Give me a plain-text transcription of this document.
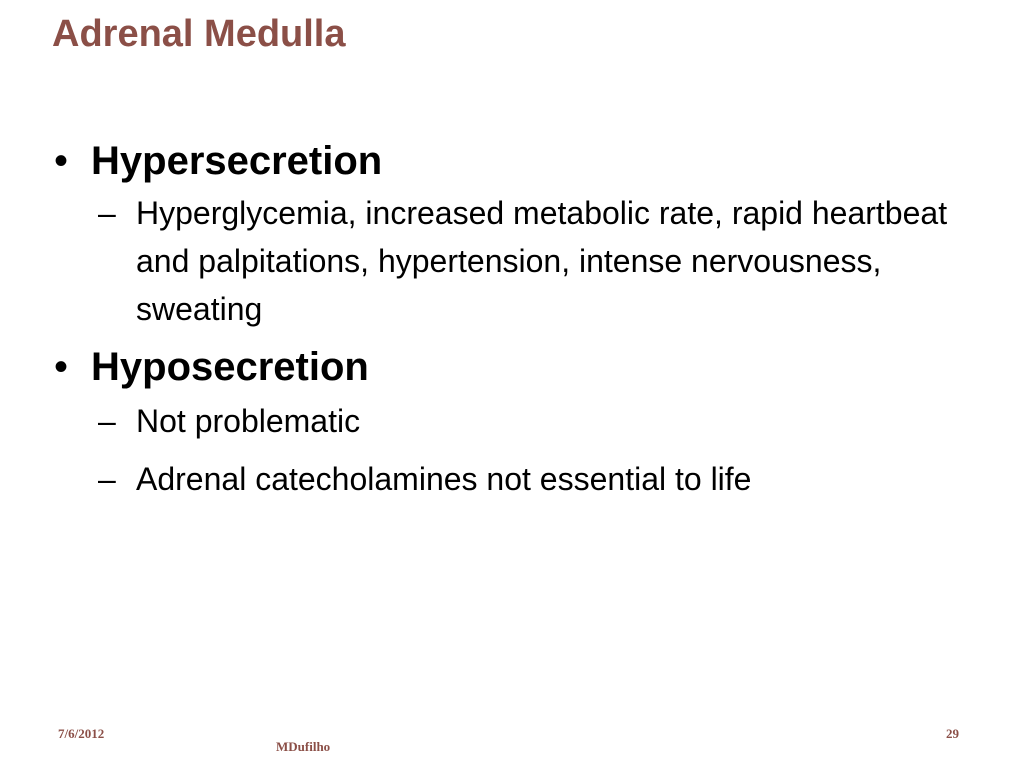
Adrenal Medulla

• Hypersecretion

– Hyperglycemia, increased metabolic rate, rapid heartbeat and palpitations, hypertension, intense nervousness, sweating

• Hyposecretion

– Not problematic
– Adrenal catecholamines not essential to life
7/6/2012
MDufilho
29
